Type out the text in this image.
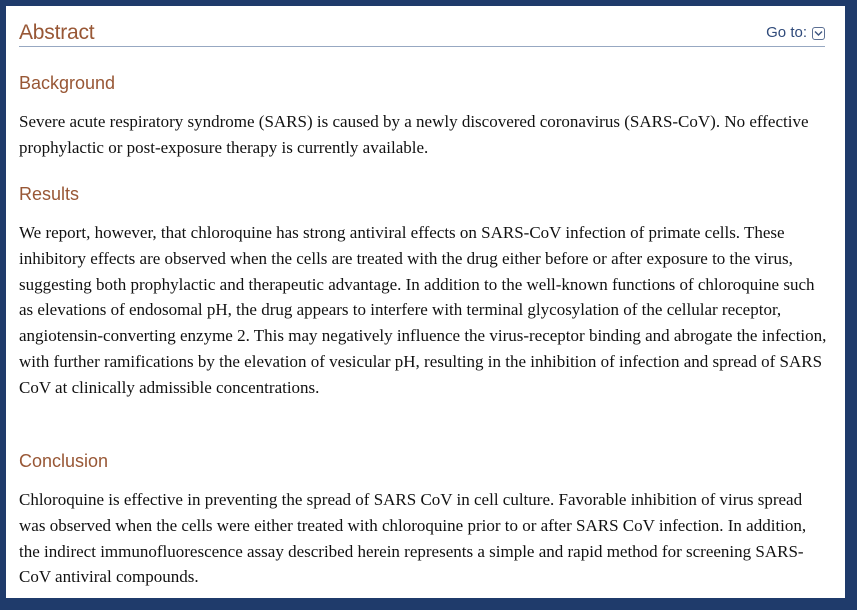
Abstract	Go to:
Background

Severe acute respiratory syndrome (SARS) is caused by a newly discovered coronavirus (SARS-CoV). No effective prophylactic or post-exposure therapy is currently available.

Results

We report, however, that chloroquine has strong antiviral effects on SARS-CoV infection of primate cells. These inhibitory effects are observed when the cells are treated with the drug either before or after exposure to the virus, suggesting both prophylactic and therapeutic advantage. In addition to the well-known functions of chloroquine such as elevations of endosomal pH, the drug appears to interfere with terminal glycosylation of the cellular receptor, angiotensin-converting enzyme 2. This may negatively influence the virus-receptor binding and abrogate the infection, with further ramifications by the elevation of vesicular pH, resulting in the inhibition of infection and spread of SARS CoV at clinically admissible concentrations.

Conclusion

Chloroquine is effective in preventing the spread of SARS CoV in cell culture. Favorable inhibition of virus spread was observed when the cells were either treated with chloroquine prior to or after SARS CoV infection. In addition, the indirect immunofluorescence assay described herein represents a simple and rapid method for screening SARS-CoV antiviral compounds.
